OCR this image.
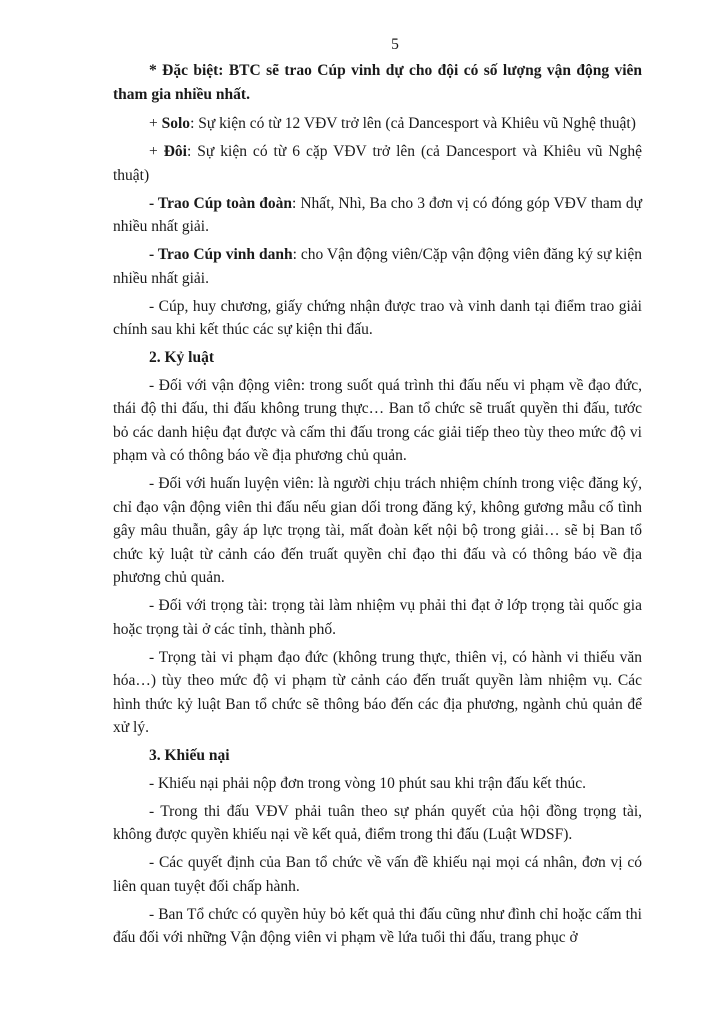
5

* Đặc biệt: BTC sẽ trao Cúp vinh dự cho đội có số lượng vận động viên tham gia nhiều nhất.

+ Solo: Sự kiện có từ 12 VĐV trở lên (cả Dancesport và Khiêu vũ Nghệ thuật)

+ Đôi: Sự kiện có từ 6 cặp VĐV trở lên (cả Dancesport và Khiêu vũ Nghệ thuật)

- Trao Cúp toàn đoàn: Nhất, Nhì, Ba cho 3 đơn vị có đóng góp VĐV tham dự nhiều nhất giải.

- Trao Cúp vinh danh: cho Vận động viên/Cặp vận động viên đăng ký sự kiện nhiều nhất giải.

- Cúp, huy chương, giấy chứng nhận được trao và vinh danh tại điểm trao giải chính sau khi kết thúc các sự kiện thi đấu.

2. Kỷ luật

- Đối với vận động viên: trong suốt quá trình thi đấu nếu vi phạm về đạo đức, thái độ thi đấu, thi đấu không trung thực… Ban tổ chức sẽ truất quyền thi đấu, tước bỏ các danh hiệu đạt được và cấm thi đấu trong các giải tiếp theo tùy theo mức độ vi phạm và có thông báo về địa phương chủ quản.

- Đối với huấn luyện viên: là người chịu trách nhiệm chính trong việc đăng ký, chỉ đạo vận động viên thi đấu nếu gian dối trong đăng ký, không gương mẫu cố tình gây mâu thuẫn, gây áp lực trọng tài, mất đoàn kết nội bộ trong giải… sẽ bị Ban tổ chức kỷ luật từ cảnh cáo đến truất quyền chỉ đạo thi đấu và có thông báo về địa phương chủ quản.

- Đối với trọng tài: trọng tài làm nhiệm vụ phải thi đạt ở lớp trọng tài quốc gia hoặc trọng tài ở các tỉnh, thành phố.

- Trọng tài vi phạm đạo đức (không trung thực, thiên vị, có hành vi thiếu văn hóa…) tùy theo mức độ vi phạm từ cảnh cáo đến truất quyền làm nhiệm vụ. Các hình thức kỷ luật Ban tổ chức sẽ thông báo đến các địa phương, ngành chủ quản để xử lý.

3. Khiếu nại

- Khiếu nại phải nộp đơn trong vòng 10 phút sau khi trận đấu kết thúc.

- Trong thi đấu VĐV phải tuân theo sự phán quyết của hội đồng trọng tài, không được quyền khiếu nại về kết quả, điểm trong thi đấu (Luật WDSF).

- Các quyết định của Ban tổ chức về vấn đề khiếu nại mọi cá nhân, đơn vị có liên quan tuyệt đối chấp hành.

- Ban Tổ chức có quyền hủy bỏ kết quả thi đấu cũng như đình chỉ hoặc cấm thi đấu đối với những Vận động viên vi phạm về lứa tuổi thi đấu, trang phục ở
